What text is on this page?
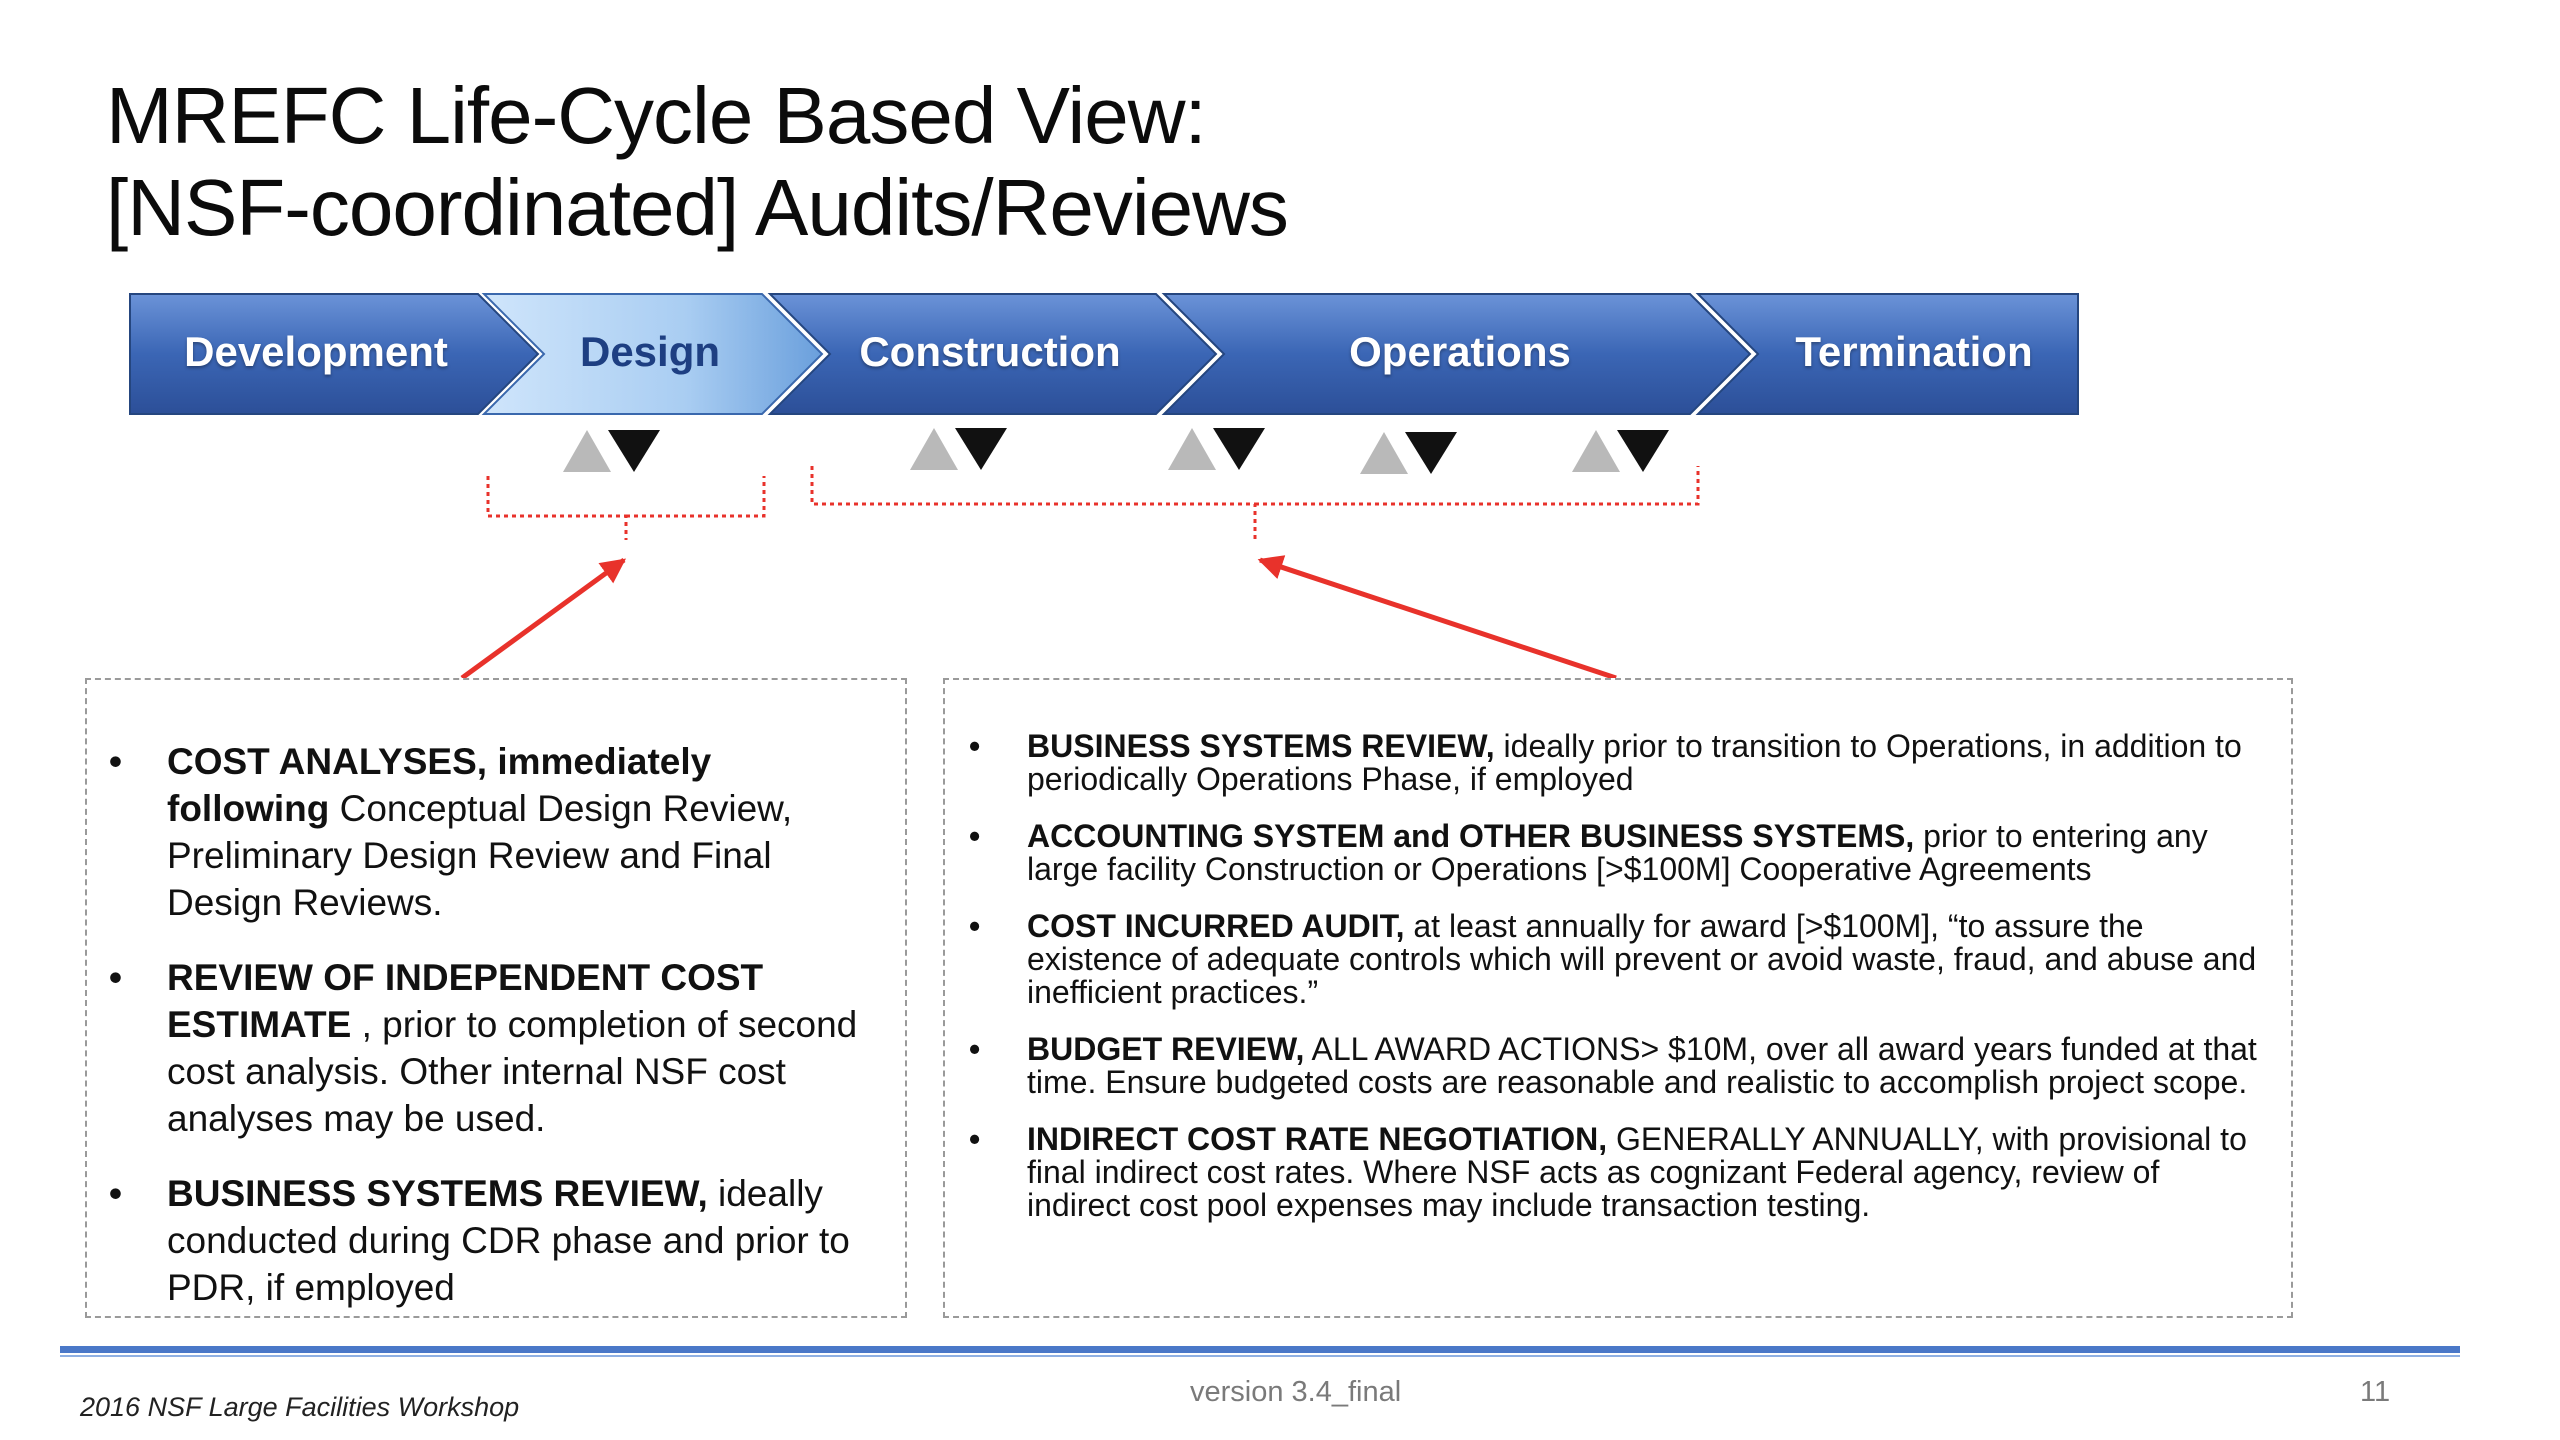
MREFC Life-Cycle Based View:
[NSF-coordinated] Audits/Reviews
Development	Design	Construction	Operations	Termination
• COST ANALYSES, immediately following Conceptual Design Review, Preliminary Design Review and Final Design Reviews.
• REVIEW OF INDEPENDENT COST ESTIMATE , prior to completion of second cost analysis. Other internal NSF cost analyses may be used.
• BUSINESS SYSTEMS REVIEW, ideally conducted during CDR phase and prior to PDR, if employed
• BUSINESS SYSTEMS REVIEW, ideally prior to transition to Operations, in addition to periodically Operations Phase, if employed
• ACCOUNTING SYSTEM and OTHER BUSINESS SYSTEMS, prior to entering any large facility Construction or Operations [>$100M] Cooperative Agreements
• COST INCURRED AUDIT, at least annually for award [>$100M], “to assure the existence of adequate controls which will prevent or avoid waste, fraud, and abuse and inefficient practices.”
• BUDGET REVIEW, ALL AWARD ACTIONS> $10M, over all award years funded at that time. Ensure budgeted costs are reasonable and realistic to accomplish project scope.
• INDIRECT COST RATE NEGOTIATION, GENERALLY ANNUALLY, with provisional to final indirect cost rates. Where NSF acts as cognizant Federal agency, review of indirect cost pool expenses may include transaction testing.
2016 NSF Large Facilities Workshop	version 3.4_final	11
